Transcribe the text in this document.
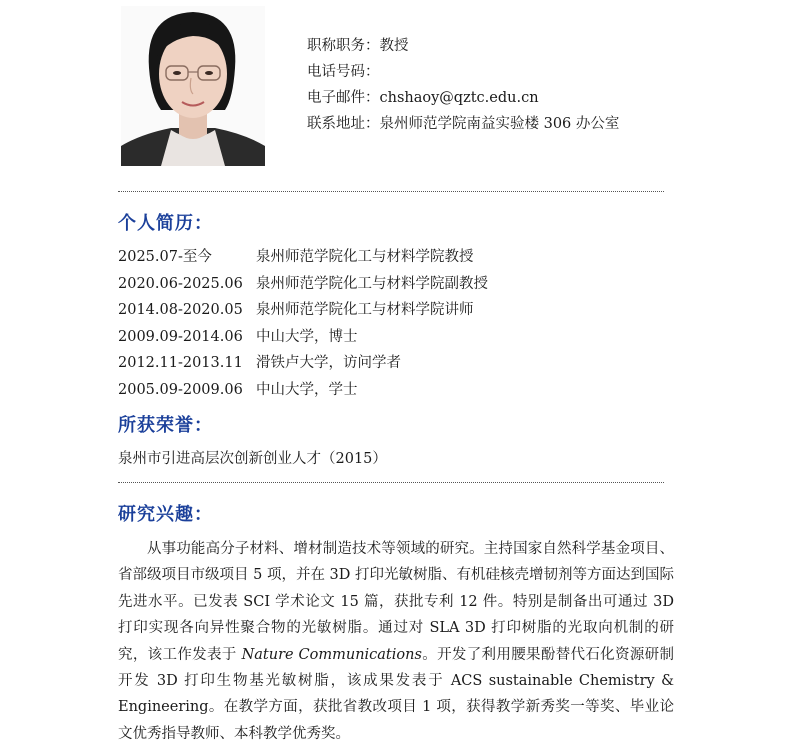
职称职务：教授
电话号码：
电子邮件：chshaoy@qztc.edu.cn
联系地址：泉州师范学院南益实验楼 306 办公室
个人简历：
2025.07-至今	泉州师范学院化工与材料学院教授
2020.06-2025.06 泉州师范学院化工与材料学院副教授
2014.08-2020.05 泉州师范学院化工与材料学院讲师
2009.09-2014.06 中山大学，博士
2012.11-2013.11 滑铁卢大学，访问学者
2005.09-2009.06 中山大学，学士
所获荣誉：
泉州市引进高层次创新创业人才（2015）
研究兴趣：

从事功能高分子材料、增材制造技术等领域的研究。主持国家自然科学基金项目、省部级项目市级项目 5 项，并在 3D 打印光敏树脂、有机硅核壳增韧剂等方面达到国际先进水平。已发表 SCI 学术论文 15 篇，获批专利 12 件。特别是制备出可通过 3D 打印实现各向异性聚合物的光敏树脂。通过对 SLA 3D 打印树脂的光取向机制的研究，该工作发表于 Nature Communications。开发了利用腰果酚替代石化资源研制开发 3D 打印生物基光敏树脂，该成果发表于 ACS sustainable Chemistry & Engineering。在教学方面，获批省教改项目 1 项，获得教学新秀奖一等奖、毕业论文优秀指导教师、本科教学优秀奖。
